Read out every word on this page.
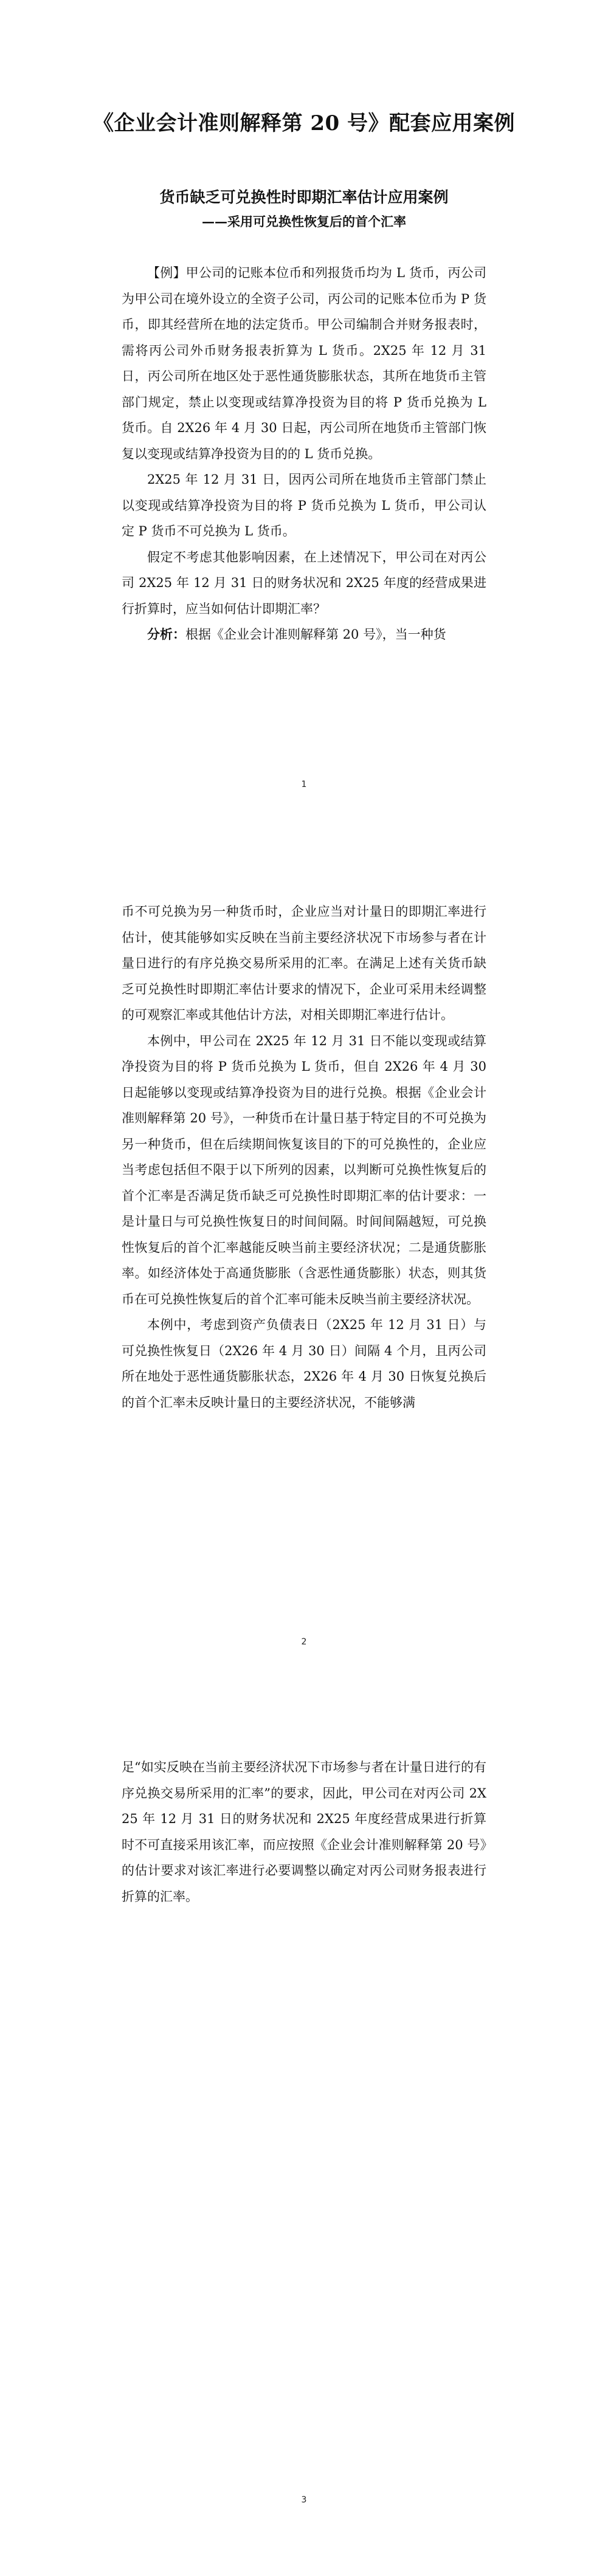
《企业会计准则解释第 20 号》配套应用案例
货币缺乏可兑换性时即期汇率估计应用案例
——采用可兑换性恢复后的首个汇率

【例】甲公司的记账本位币和列报货币均为 L 货币，丙公司为甲公司在境外设立的全资子公司，丙公司的记账本位币为 P 货币，即其经营所在地的法定货币。甲公司编制合并财务报表时，需将丙公司外币财务报表折算为 L 货币。2X25 年 12 月 31 日，丙公司所在地区处于恶性通货膨胀状态，其所在地货币主管部门规定，禁止以变现或结算净投资为目的将 P 货币兑换为 L 货币。自 2X26 年 4 月 30 日起，丙公司所在地货币主管部门恢复以变现或结算净投资为目的的 L 货币兑换。

2X25 年 12 月 31 日，因丙公司所在地货币主管部门禁止以变现或结算净投资为目的将 P 货币兑换为 L 货币，甲公司认定 P 货币不可兑换为 L 货币。

假定不考虑其他影响因素，在上述情况下，甲公司在对丙公司 2X25 年 12 月 31 日的财务状况和 2X25 年度的经营成果进行折算时，应当如何估计即期汇率？

分析：根据《企业会计准则解释第 20 号》，当一种货

1

币不可兑换为另一种货币时，企业应当对计量日的即期汇率进行估计，使其能够如实反映在当前主要经济状况下市场参与者在计量日进行的有序兑换交易所采用的汇率。在满足上述有关货币缺乏可兑换性时即期汇率估计要求的情况下，企业可采用未经调整的可观察汇率或其他估计方法，对相关即期汇率进行估计。

本例中，甲公司在 2X25 年 12 月 31 日不能以变现或结算净投资为目的将 P 货币兑换为 L 货币，但自 2X26 年 4 月 30 日起能够以变现或结算净投资为目的进行兑换。根据《企业会计准则解释第 20 号》，一种货币在计量日基于特定目的不可兑换为另一种货币，但在后续期间恢复该目的下的可兑换性的，企业应当考虑包括但不限于以下所列的因素，以判断可兑换性恢复后的首个汇率是否满足货币缺乏可兑换性时即期汇率的估计要求：一是计量日与可兑换性恢复日的时间间隔。时间间隔越短，可兑换性恢复后的首个汇率越能反映当前主要经济状况；二是通货膨胀率。如经济体处于高通货膨胀（含恶性通货膨胀）状态，则其货币在可兑换性恢复后的首个汇率可能未反映当前主要经济状况。

本例中，考虑到资产负债表日（2X25 年 12 月 31 日）与可兑换性恢复日（2X26 年 4 月 30 日）间隔 4 个月，且丙公司所在地处于恶性通货膨胀状态，2X26 年 4 月 30 日恢复兑换后的首个汇率未反映计量日的主要经济状况，不能够满

2

足“如实反映在当前主要经济状况下市场参与者在计量日进行的有序兑换交易所采用的汇率”的要求，因此，甲公司在对丙公司 2X25 年 12 月 31 日的财务状况和 2X25 年度经营成果进行折算时不可直接采用该汇率，而应按照《企业会计准则解释第 20 号》的估计要求对该汇率进行必要调整以确定对丙公司财务报表进行折算的汇率。

3
